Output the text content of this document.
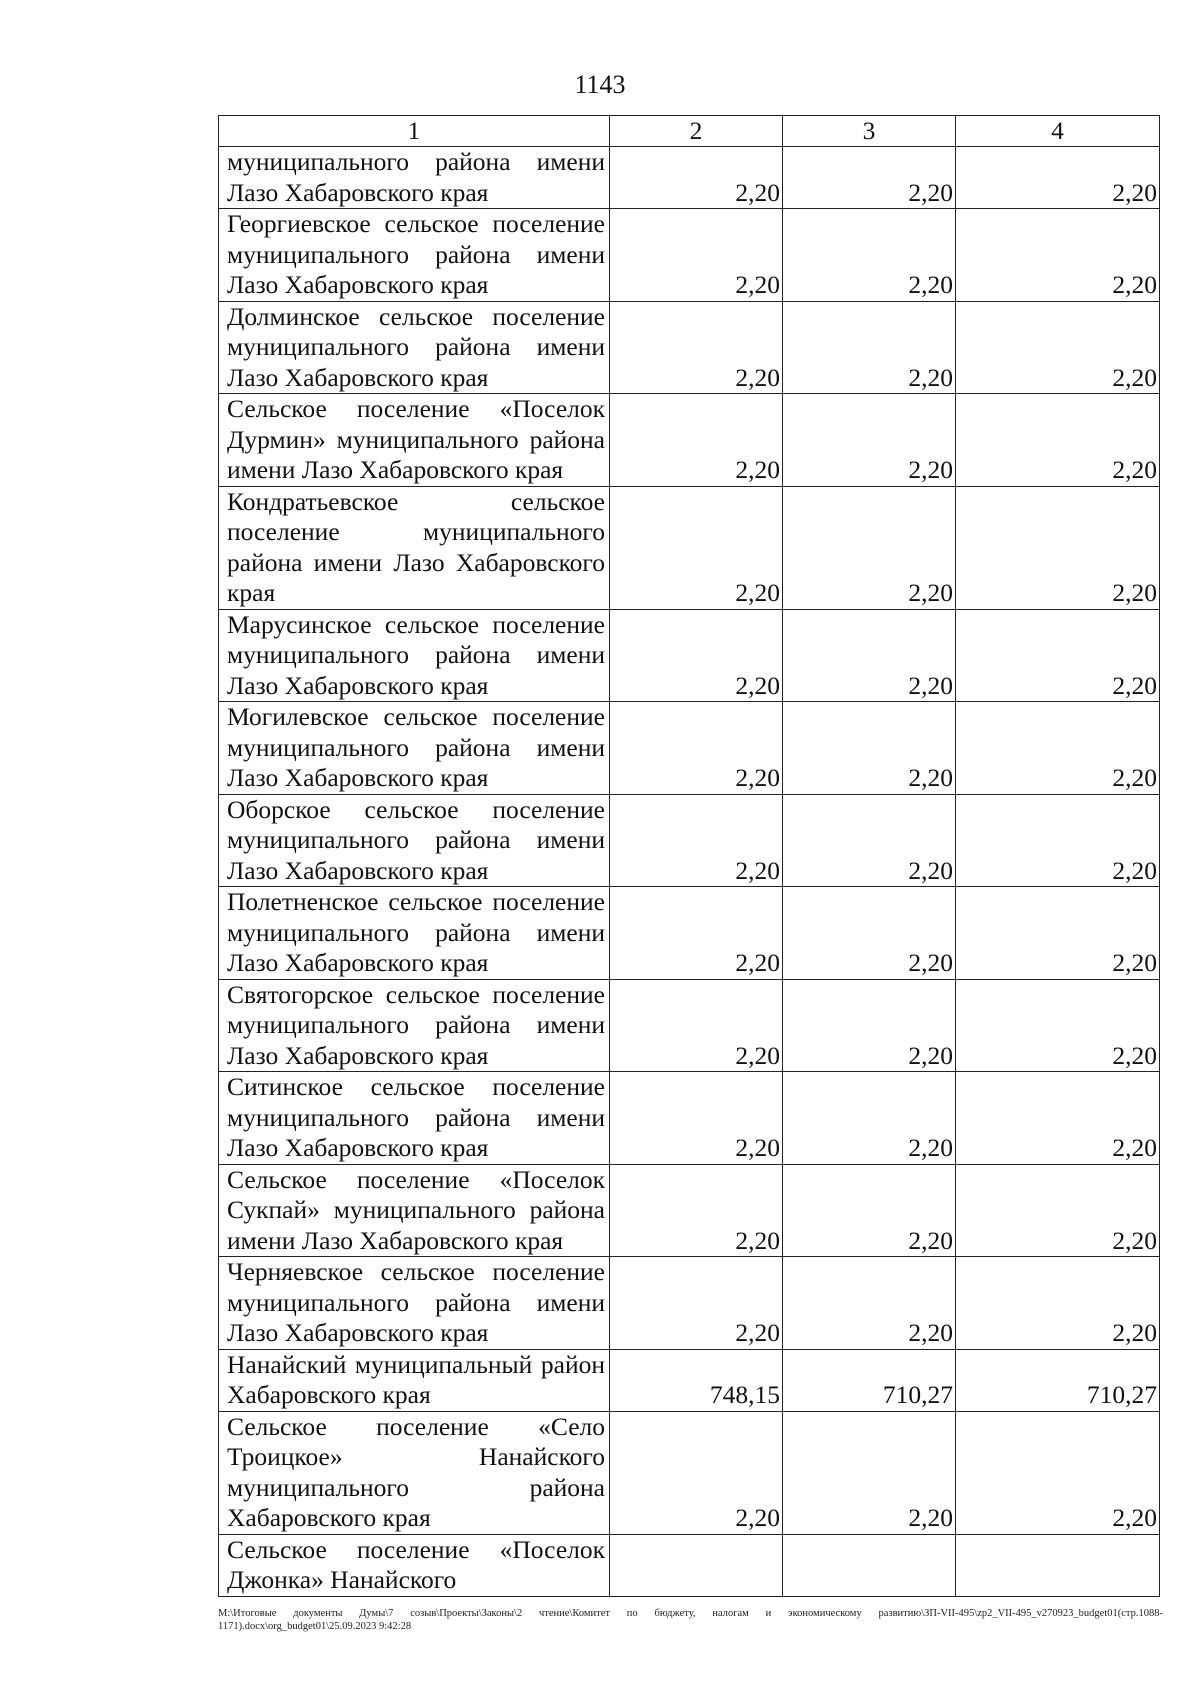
1143
1	2	3	4

муниципального района имени
Лазо Хабаровского края	2,20	2,20	2,20

Георгиевское сельское поселение
муниципального района имени
Лазо Хабаровского края	2,20	2,20	2,20

Долминское сельское поселение
муниципального района имени
Лазо Хабаровского края	2,20	2,20	2,20

Сельское поселение «Поселок
Дурмин» муниципального района
имени Лазо Хабаровского края	2,20	2,20	2,20

Кондратьевское сельское
поселение муниципального
района имени Лазо Хабаровского
края	2,20	2,20	2,20

Марусинское сельское поселение
муниципального района имени
Лазо Хабаровского края	2,20	2,20	2,20

Могилевское сельское поселение
муниципального района имени
Лазо Хабаровского края	2,20	2,20	2,20

Оборское сельское поселение
муниципального района имени
Лазо Хабаровского края	2,20	2,20	2,20

Полетненское сельское поселение
муниципального района имени
Лазо Хабаровского края	2,20	2,20	2,20

Святогорское сельское поселение
муниципального района имени
Лазо Хабаровского края	2,20	2,20	2,20

Ситинское сельское поселение
муниципального района имени
Лазо Хабаровского края	2,20	2,20	2,20

Сельское поселение «Поселок
Сукпай» муниципального района
имени Лазо Хабаровского края	2,20	2,20	2,20

Черняевское сельское поселение
муниципального района имени
Лазо Хабаровского края	2,20	2,20	2,20

Нанайский муниципальный район
Хабаровского края	748,15	710,27	710,27

Сельское поселение «Село
Троицкое» Нанайского
муниципального района
Хабаровского края	2,20	2,20	2,20

Сельское поселение «Поселок
Джонка» Нанайского			

M:\Итоговые документы Думы\7 созыв\Проекты\Законы\2 чтение\Комитет по бюджету, налогам и экономическому развитию\ЗП-VII-495\zp2_VII-495_v270923_budget01(стр.1088-1171).docx\org_budget01\25.09.2023 9:42:28
